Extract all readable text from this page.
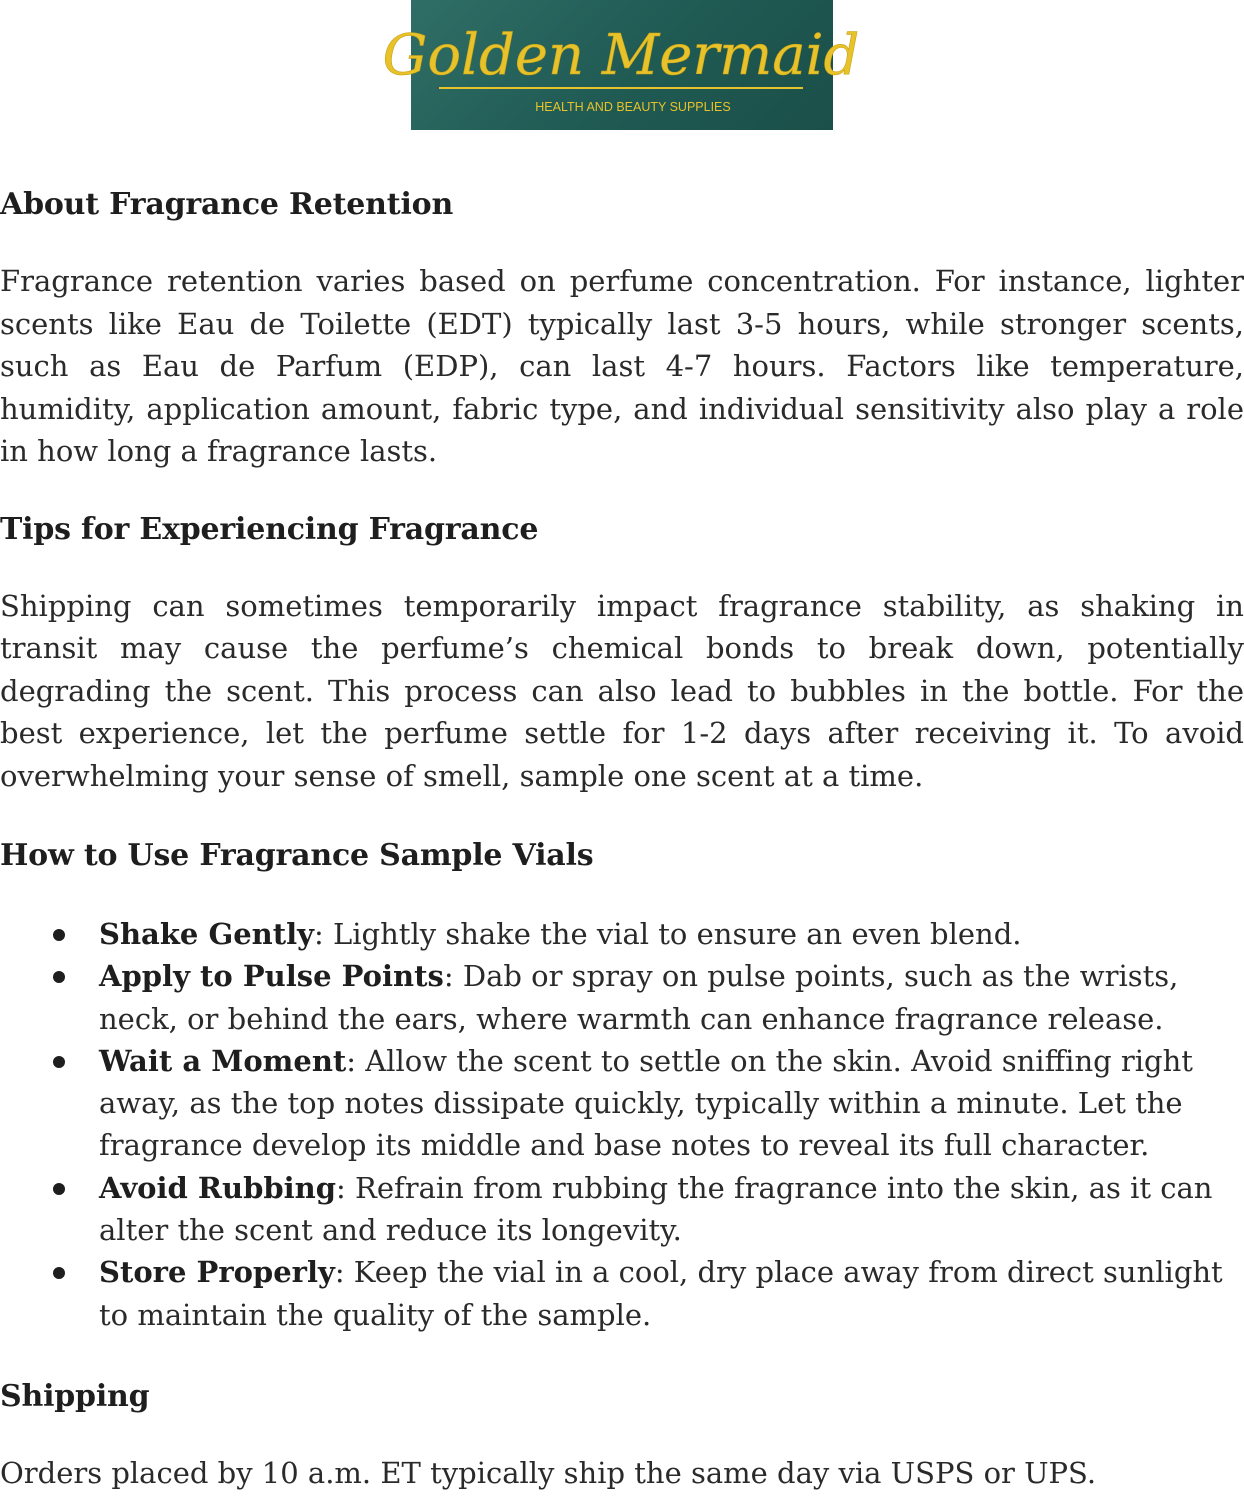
Golden Mermaid
HEALTH AND BEAUTY SUPPLIES
About Fragrance Retention

Fragrance retention varies based on perfume concentration. For instance, lighter scents like Eau de Toilette (EDT) typically last 3-5 hours, while stronger scents, such as Eau de Parfum (EDP), can last 4-7 hours. Factors like temperature, humidity, application amount, fabric type, and individual sensitivity also play a role in how long a fragrance lasts.

Tips for Experiencing Fragrance

Shipping can sometimes temporarily impact fragrance stability, as shaking in transit may cause the perfume’s chemical bonds to break down, potentially degrading the scent. This process can also lead to bubbles in the bottle. For the best experience, let the perfume settle for 1-2 days after receiving it. To avoid overwhelming your sense of smell, sample one scent at a time.

How to Use Fragrance Sample Vials
Shake Gently: Lightly shake the vial to ensure an even blend.
Apply to Pulse Points: Dab or spray on pulse points, such as the wrists, neck, or behind the ears, where warmth can enhance fragrance release.
Wait a Moment: Allow the scent to settle on the skin. Avoid sniffing right away, as the top notes dissipate quickly, typically within a minute. Let the fragrance develop its middle and base notes to reveal its full character.
Avoid Rubbing: Refrain from rubbing the fragrance into the skin, as it can alter the scent and reduce its longevity.
Store Properly: Keep the vial in a cool, dry place away from direct sunlight to maintain the quality of the sample.
Shipping

Orders placed by 10 a.m. ET typically ship the same day via USPS or UPS.
